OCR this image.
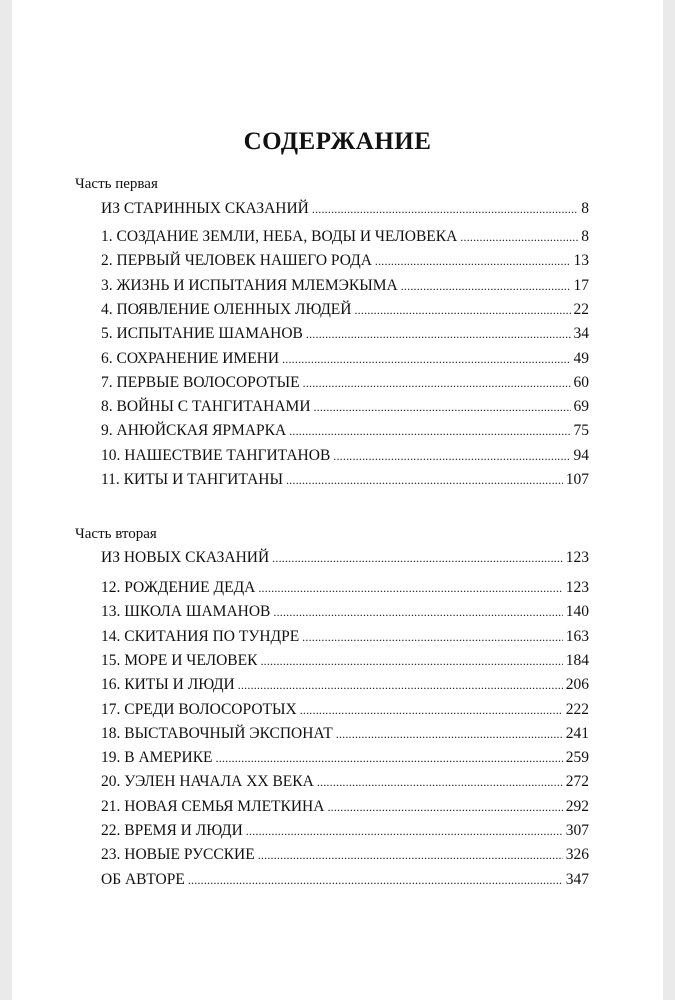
СОДЕРЖАНИЕ
Часть первая
ИЗ СТАРИННЫХ СКАЗАНИЙ . . .	8
1. СОЗДАНИЕ ЗЕМЛИ, НЕБА, ВОДЫ И ЧЕЛОВЕКА . . .	8
2. ПЕРВЫЙ ЧЕЛОВЕК НАШЕГО РОДА . . .	13
3. ЖИЗНЬ И ИСПЫТАНИЯ МЛЕМЭКЫМА . . .	17
4. ПОЯВЛЕНИЕ ОЛЕННЫХ ЛЮДЕЙ . . .	22
5. ИСПЫТАНИЕ ШАМАНОВ . . .	34
6. СОХРАНЕНИЕ ИМЕНИ . . .	49
7. ПЕРВЫЕ ВОЛОСОРОТЫЕ . . .	60
8. ВОЙНЫ С ТАНГИТАНАМИ . . .	69
9. АНЮЙСКАЯ ЯРМАРКА . . .	75
10. НАШЕСТВИЕ ТАНГИТАНОВ . . .	94
11. КИТЫ И ТАНГИТАНЫ . . .	107
Часть вторая
ИЗ НОВЫХ СКАЗАНИЙ . . .	123
12. РОЖДЕНИЕ ДЕДА . . .	123
13. ШКОЛА ШАМАНОВ . . .	140
14. СКИТАНИЯ ПО ТУНДРЕ . . .	163
15. МОРЕ И ЧЕЛОВЕК . . .	184
16. КИТЫ И ЛЮДИ . . .	206
17. СРЕДИ ВОЛОСОРОТЫХ . . .	222
18. ВЫСТАВОЧНЫЙ ЭКСПОНАТ . . .	241
19. В АМЕРИКЕ . . .	259
20. УЭЛЕН НАЧАЛА XX ВЕКА . . .	272
21. НОВАЯ СЕМЬЯ МЛЕТКИНА . . .	292
22. ВРЕМЯ И ЛЮДИ . . .	307
23. НОВЫЕ РУССКИЕ . . .	326
ОБ АВТОРЕ . . .	347
